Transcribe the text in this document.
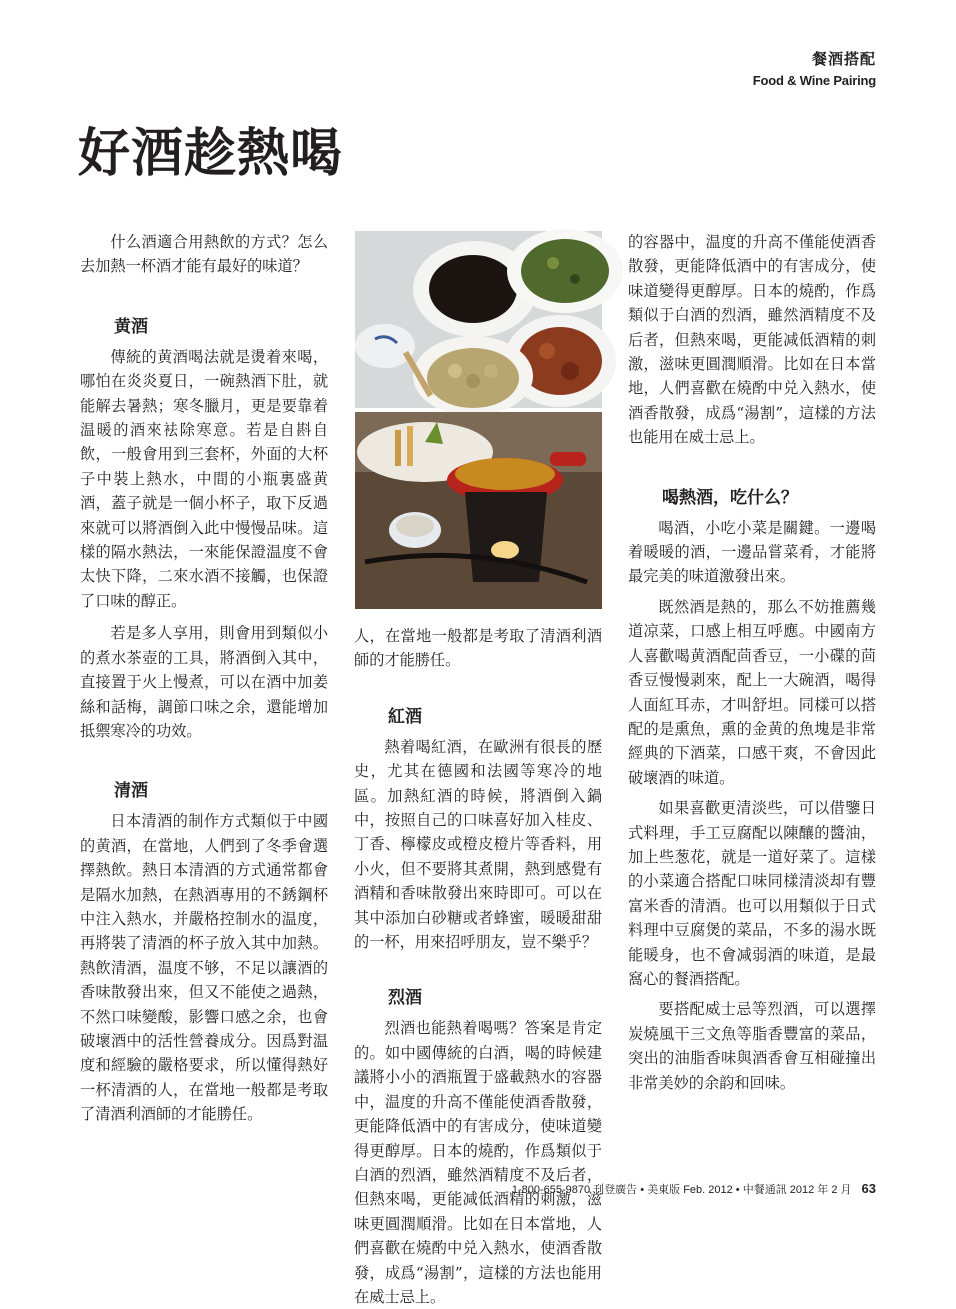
餐酒搭配
Food & Wine Pairing
好酒趁熱喝

什么酒適合用熱飲的方式？怎么去加熱一杯酒才能有最好的味道？

黄酒

傳統的黄酒喝法就是燙着來喝，哪怕在炎炎夏日，一碗熱酒下肚，就能解去暑熱；寒冬臘月，更是要靠着温暖的酒來袪除寒意。若是自斟自飲，一般會用到三套杯，外面的大杯子中裝上熱水，中間的小瓶裏盛黄酒，蓋子就是一個小杯子，取下反過來就可以將酒倒入此中慢慢品味。這樣的隔水熱法，一來能保證温度不會太快下降，二來水酒不接觸，也保證了口味的醇正。

若是多人享用，則會用到類似小的煮水茶壺的工具，將酒倒入其中，直接置于火上慢煮，可以在酒中加姜絲和話梅，調節口味之余，還能增加抵禦寒冷的功效。

清酒

日本清酒的制作方式類似于中國的黄酒，在當地，人們到了冬季會選擇熱飲。熱日本清酒的方式通常都會是隔水加熱，在熱酒專用的不銹鋼杯中注入熱水，并嚴格控制水的温度，再將裝了清酒的杯子放入其中加熱。熱飲清酒，温度不够，不足以讓酒的香味散發出來，但又不能使之過熱，不然口味變酸，影響口感之余，也會破壞酒中的活性營養成分。因爲對温度和經驗的嚴格要求，所以懂得熱好一杯清酒的人，在當地一般都是考取了清酒利酒師的才能勝任。

人，在當地一般都是考取了清酒利酒師的才能勝任。

紅酒

熱着喝紅酒，在歐洲有很長的歷史，尤其在德國和法國等寒冷的地區。加熱紅酒的時候，將酒倒入鍋中，按照自己的口味喜好加入桂皮、丁香、檸檬皮或橙皮橙片等香料，用小火，但不要將其煮開，熱到感覺有酒精和香味散發出來時即可。可以在其中添加白砂糖或者蜂蜜，暖暖甜甜的一杯，用來招呼朋友，豈不樂乎？

烈酒

烈酒也能熱着喝嗎？答案是肯定的。如中國傳統的白酒，喝的時候建議將小小的酒瓶置于盛載熱水的容器中，温度的升高不僅能使酒香散發，更能降低酒中的有害成分，使味道變得更醇厚。日本的燒酌，作爲類似于白酒的烈酒，雖然酒精度不及后者，但熱來喝，更能减低酒精的刺激，滋味更圓潤順滑。比如在日本當地，人們喜歡在燒酌中兑入熱水，使酒香散發，成爲“湯割”，這樣的方法也能用在威士忌上。

的容器中，温度的升高不僅能使酒香散發，更能降低酒中的有害成分，使味道變得更醇厚。日本的燒酌，作爲類似于白酒的烈酒，雖然酒精度不及后者，但熱來喝，更能减低酒精的刺激，滋味更圓潤順滑。比如在日本當地，人們喜歡在燒酌中兑入熱水，使酒香散發，成爲“湯割”，這樣的方法也能用在威士忌上。

喝熱酒，吃什么？

喝酒，小吃小菜是關鍵。一邊喝着暖暖的酒，一邊品嘗菜肴，才能將最完美的味道激發出來。

既然酒是熱的，那么不妨推薦幾道凉菜，口感上相互呼應。中國南方人喜歡喝黄酒配茴香豆，一小碟的茴香豆慢慢剥來，配上一大碗酒，喝得人面紅耳赤，才叫舒坦。同樣可以搭配的是熏魚，熏的金黄的魚塊是非常經典的下酒菜，口感干爽，不會因此破壞酒的味道。

如果喜歡更清淡些，可以借鑒日式料理，手工豆腐配以陳釀的醬油，加上些葱花，就是一道好菜了。這樣的小菜適合搭配口味同樣清淡却有豐富米香的清酒。也可以用類似于日式料理中豆腐煲的菜品，不多的湯水既能暖身，也不會减弱酒的味道，是最窩心的餐酒搭配。

要搭配威士忌等烈酒，可以選擇炭燒風干三文魚等脂香豐富的菜品，突出的油脂香味與酒香會互相碰撞出非常美妙的余韵和回味。

1-800-655-9870 刊登廣告 • 美東版 Feb. 2012 • 中餐通訊 2012 年 2 月 63
